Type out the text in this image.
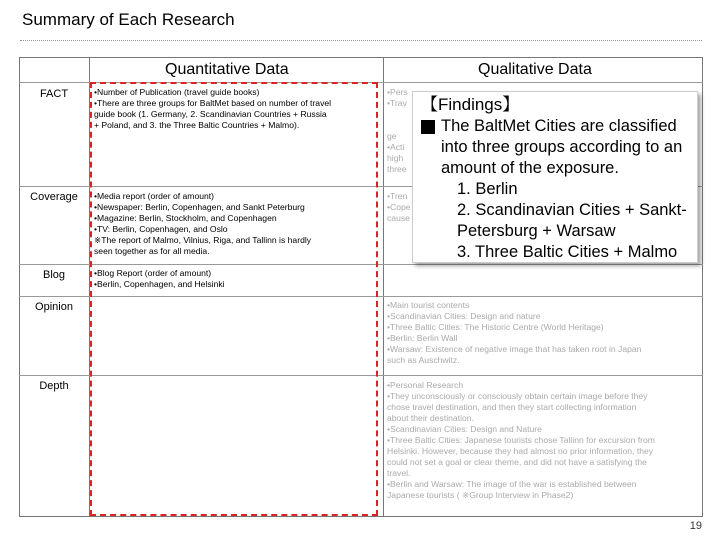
Summary of Each Research
Quantitative Data	Qualitative Data
FACT
Coverage
Blog
Opinion
Depth
•Number of Publication (travel guide books)
•There are three groups for BaltMet based on number of travel
guide book (1. Germany, 2. Scandinavian Countries + Russia
+ Poland, and 3. the Three Baltic Countries + Malmo).
•Media report (order of amount)
•Newspaper: Berlin, Copenhagen, and Sankt Peterburg
•Magazine: Berlin, Stockholm, and Copenhagen
•TV: Berlin, Copenhagen, and Oslo
※The report of Malmo, Vilnius, Riga, and Tallinn is hardly
seen together as for all media.
•Blog Report (order of amount)
•Berlin, Copenhagen, and Helsinki
•Pers
•Trav

ge
•Acti
high
three
•Tren
•Cope
cause
•Main tourist contents
•Scandinavian Cities: Design and nature
•Three Baltic Cities: The Historic Centre (World Heritage)
•Berlin: Berlin Wall
•Warsaw: Existence of negative image that has taken root in Japan
such as Auschwitz.
•Personal Research
•They unconsciously or consciously obtain certain image before they
chose travel destination, and then they start collecting information
about their destination.
•Scandinavian Cities: Design and Nature
•Three Baltic Cities: Japanese tourists chose Tallinn for excursion from
Helsinki. However, because they had almost no prior information, they
could not set a goal or clear theme, and did not have a satisfying the
travel.
•Berlin and Warsaw: The image of the war is established between
Japanese tourists ( ※Group Interview in Phase2)
【Findings】
The BaltMet Cities are classified into three groups according to an amount of the exposure.
1. Berlin
2. Scandinavian Cities + Sankt-
Petersburg + Warsaw
3. Three Baltic Cities + Malmo
19
